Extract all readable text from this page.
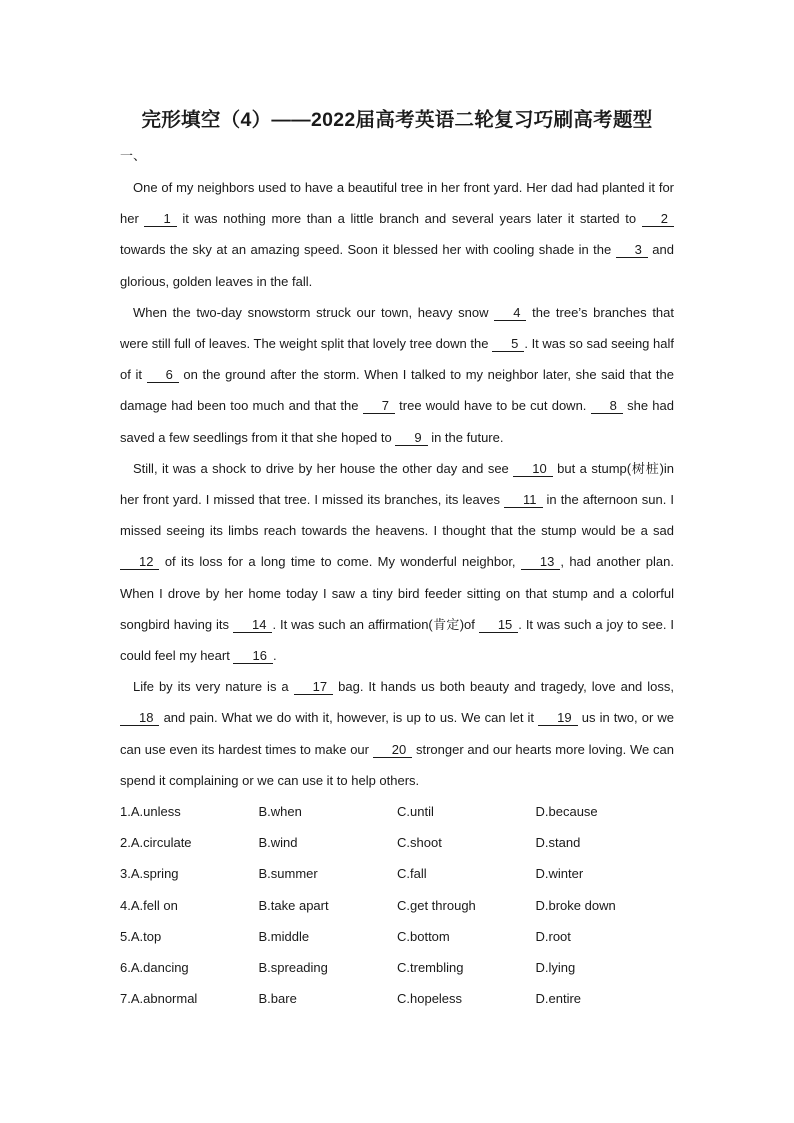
完形填空（4）——2022届高考英语二轮复习巧刷高考题型
一、

One of my neighbors used to have a beautiful tree in her front yard. Her dad had planted it for her 1 it was nothing more than a little branch and several years later it started to 2 towards the sky at an amazing speed. Soon it blessed her with cooling shade in the 3 and glorious, golden leaves in the fall.

When the two-day snowstorm struck our town, heavy snow 4 the tree’s branches that were still full of leaves. The weight split that lovely tree down the 5 . It was so sad seeing half of it 6 on the ground after the storm. When I talked to my neighbor later, she said that the damage had been too much and that the 7 tree would have to be cut down. 8 she had saved a few seedlings from it that she hoped to 9 in the future.

Still, it was a shock to drive by her house the other day and see 10 but a stump(树桩)in her front yard. I missed that tree. I missed its branches, its leaves 11 in the afternoon sun. I missed seeing its limbs reach towards the heavens. I thought that the stump would be a sad 12 of its loss for a long time to come. My wonderful neighbor, 13 , had another plan. When I drove by her home today I saw a tiny bird feeder sitting on that stump and a colorful songbird having its 14 . It was such an affirmation(肯定)of 15 . It was such a joy to see. I could feel my heart 16 .

Life by its very nature is a 17 bag. It hands us both beauty and tragedy, love and loss, 18 and pain. What we do with it, however, is up to us. We can let it 19 us in two, or we can use even its hardest times to make our 20 stronger and our hearts more loving. We can spend it complaining or we can use it to help others.

1.A.unless	B.when	C.until	D.because
2.A.circulate	B.wind	C.shoot	D.stand
3.A.spring	B.summer	C.fall	D.winter
4.A.fell on	B.take apart	C.get through	D.broke down
5.A.top	B.middle	C.bottom	D.root
6.A.dancing	B.spreading	C.trembling	D.lying
7.A.abnormal	B.bare	C.hopeless	D.entire
